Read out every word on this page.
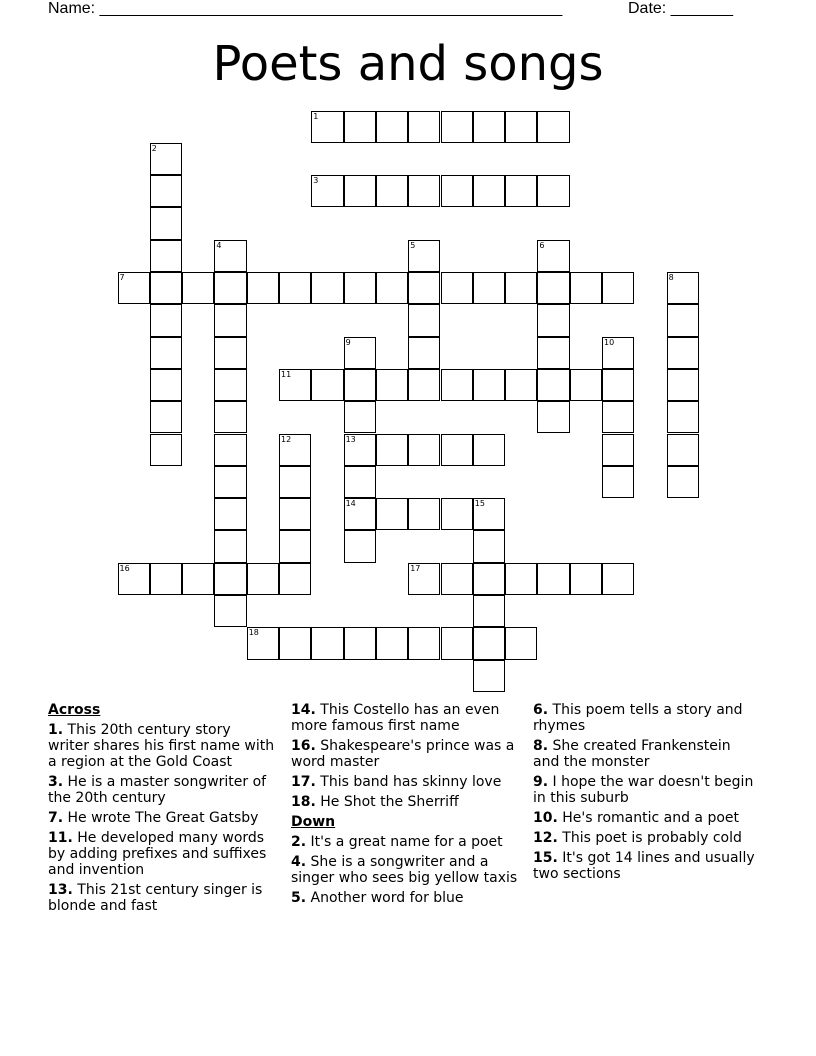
Name: ____________________________________________________	Date: _______
Poets and songs
1
3
7
11
13
14	15
16	17
18
2
4	5	6
8
9	10
12
Across
1. This 20th century story writer shares his first name with a region at the Gold Coast
3. He is a master songwriter of the 20th century
7. He wrote The Great Gatsby
11. He developed many words by adding prefixes and suffixes and invention
13. This 21st century singer is blonde and fast
14. This Costello has an even more famous first name
16. Shakespeare's prince was a word master
17. This band has skinny love
18. He Shot the Sherriff
Down
2. It's a great name for a poet
4. She is a songwriter and a singer who sees big yellow taxis
5. Another word for blue
6. This poem tells a story and rhymes
8. She created Frankenstein and the monster
9. I hope the war doesn't begin in this suburb
10. He's romantic and a poet
12. This poet is probably cold
15. It's got 14 lines and usually two sections
